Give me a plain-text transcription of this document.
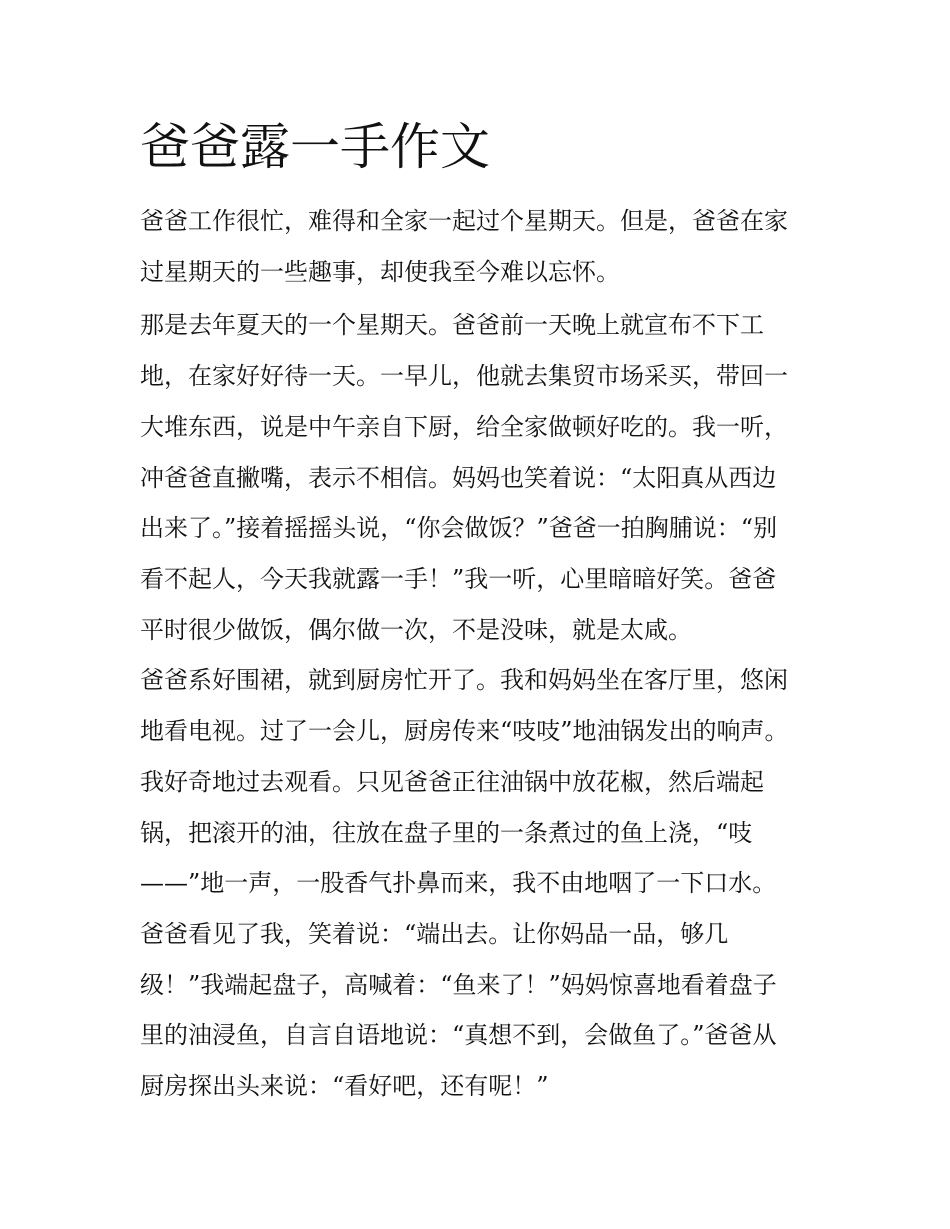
爸爸露一手作文

爸爸工作很忙，难得和全家一起过个星期天。但是，爸爸在家

过星期天的一些趣事，却使我至今难以忘怀。

那是去年夏天的一个星期天。爸爸前一天晚上就宣布不下工

地，在家好好待一天。一早儿，他就去集贸市场采买，带回一

大堆东西，说是中午亲自下厨，给全家做顿好吃的。我一听，

冲爸爸直撇嘴，表示不相信。妈妈也笑着说：“太阳真从西边

出来了。”接着摇摇头说，“你会做饭？”爸爸一拍胸脯说：“别

看不起人，今天我就露一手！”我一听，心里暗暗好笑。爸爸

平时很少做饭，偶尔做一次，不是没味，就是太咸。

爸爸系好围裙，就到厨房忙开了。我和妈妈坐在客厅里，悠闲

地看电视。过了一会儿，厨房传来“吱吱”地油锅发出的响声。

我好奇地过去观看。只见爸爸正往油锅中放花椒，然后端起

锅，把滚开的油，往放在盘子里的一条煮过的鱼上浇，“吱

——”地一声，一股香气扑鼻而来，我不由地咽了一下口水。

爸爸看见了我，笑着说：“端出去。让你妈品一品，够几

级！”我端起盘子，高喊着：“鱼来了！”妈妈惊喜地看着盘子

里的油浸鱼，自言自语地说：“真想不到，会做鱼了。”爸爸从

厨房探出头来说：“看好吧，还有呢！”
